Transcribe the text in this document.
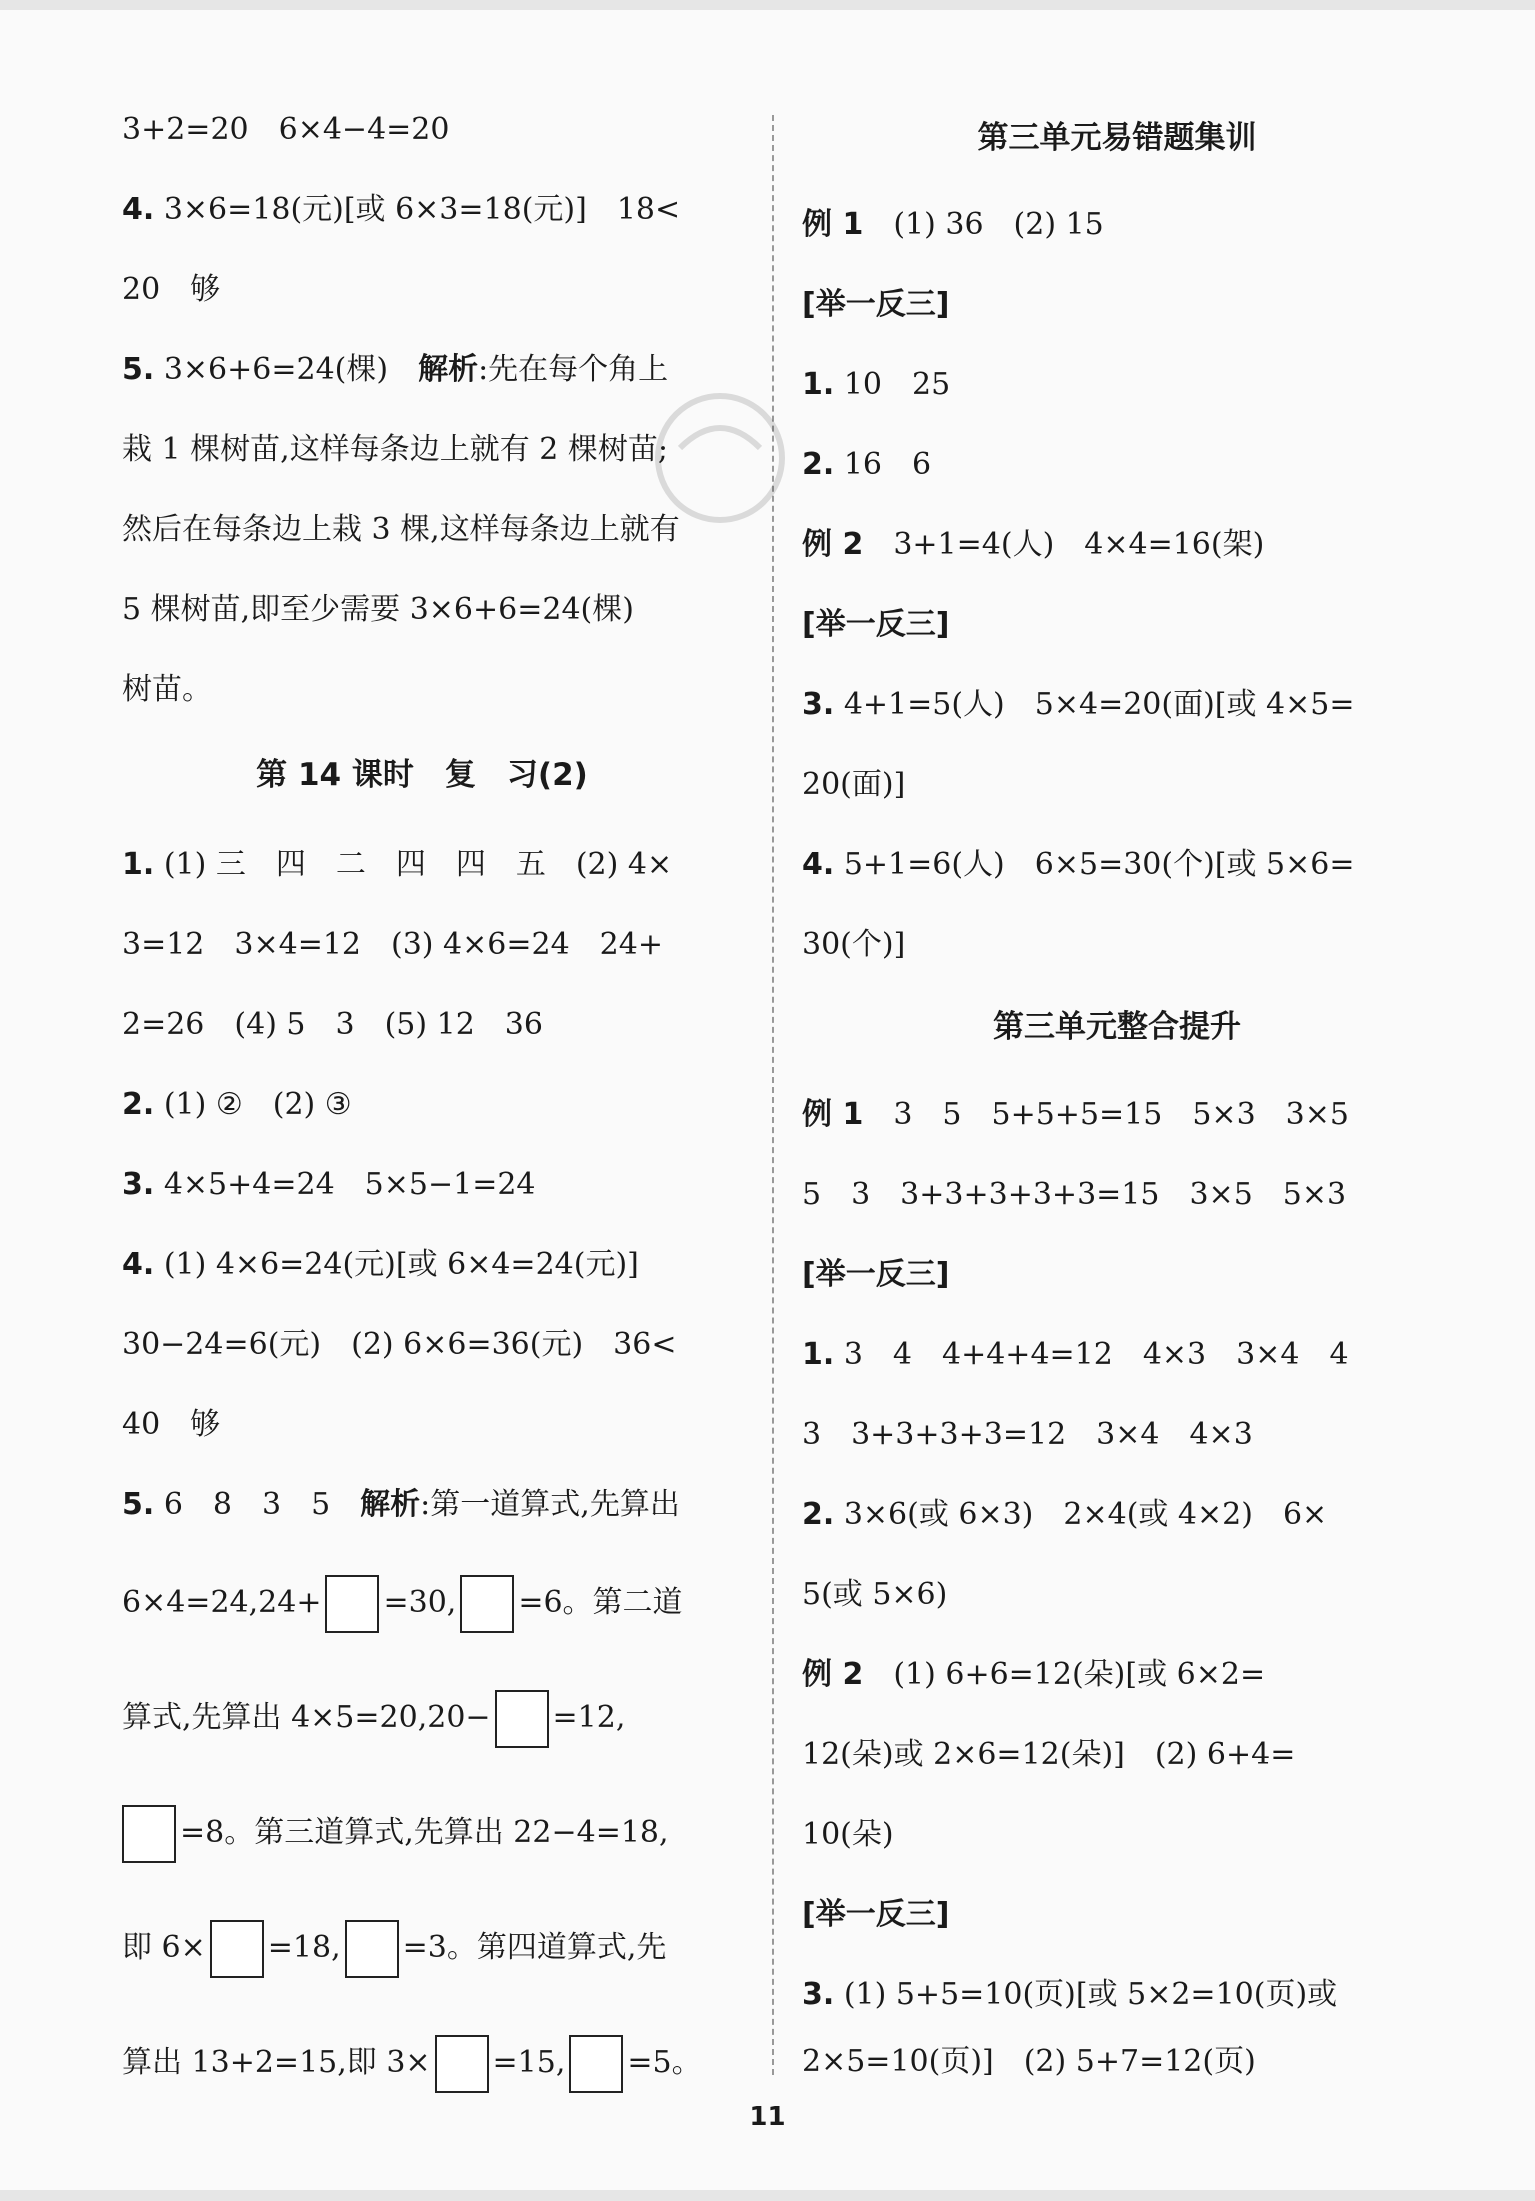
3+2=20　6×4−4=20
4. 3×6=18(元)[或 6×3=18(元)]　18<
20　够
5. 3×6+6=24(棵)　解析:先在每个角上
栽 1 棵树苗,这样每条边上就有 2 棵树苗;
然后在每条边上栽 3 棵,这样每条边上就有
5 棵树苗,即至少需要 3×6+6=24(棵)
树苗。
第 14 课时　复　习(2)
1. (1) 三　四　二　四　四　五　(2) 4×
3=12　3×4=12　(3) 4×6=24　24+
2=26　(4) 5　3　(5) 12　36
2. (1) ②　(2) ③
3. 4×5+4=24　5×5−1=24
4. (1) 4×6=24(元)[或 6×4=24(元)]
30−24=6(元)　(2) 6×6=36(元)　36<
40　够
5. 6　8　3　5　解析:第一道算式,先算出
6×4=24,24+ =30, =6。第二道
算式,先算出 4×5=20,20− =12,
=8。第三道算式,先算出 22−4=18,
即 6× =18, =3。第四道算式,先
算出 13+2=15,即 3× =15, =5。
第三单元易错题集训
例 1　(1) 36　(2) 15
[举一反三]
1. 10　25
2. 16　6
例 2　3+1=4(人)　4×4=16(架)
[举一反三]
3. 4+1=5(人)　5×4=20(面)[或 4×5=
20(面)]
4. 5+1=6(人)　6×5=30(个)[或 5×6=
30(个)]
第三单元整合提升
例 1　3　5　5+5+5=15　5×3　3×5
5　3　3+3+3+3+3=15　3×5　5×3
[举一反三]
1. 3　4　4+4+4=12　4×3　3×4　4
3　3+3+3+3=12　3×4　4×3
2. 3×6(或 6×3)　2×4(或 4×2)　6×
5(或 5×6)
例 2　(1) 6+6=12(朵)[或 6×2=
12(朵)或 2×6=12(朵)]　(2) 6+4=
10(朵)
[举一反三]
3. (1) 5+5=10(页)[或 5×2=10(页)或
2×5=10(页)]　(2) 5+7=12(页)
11
